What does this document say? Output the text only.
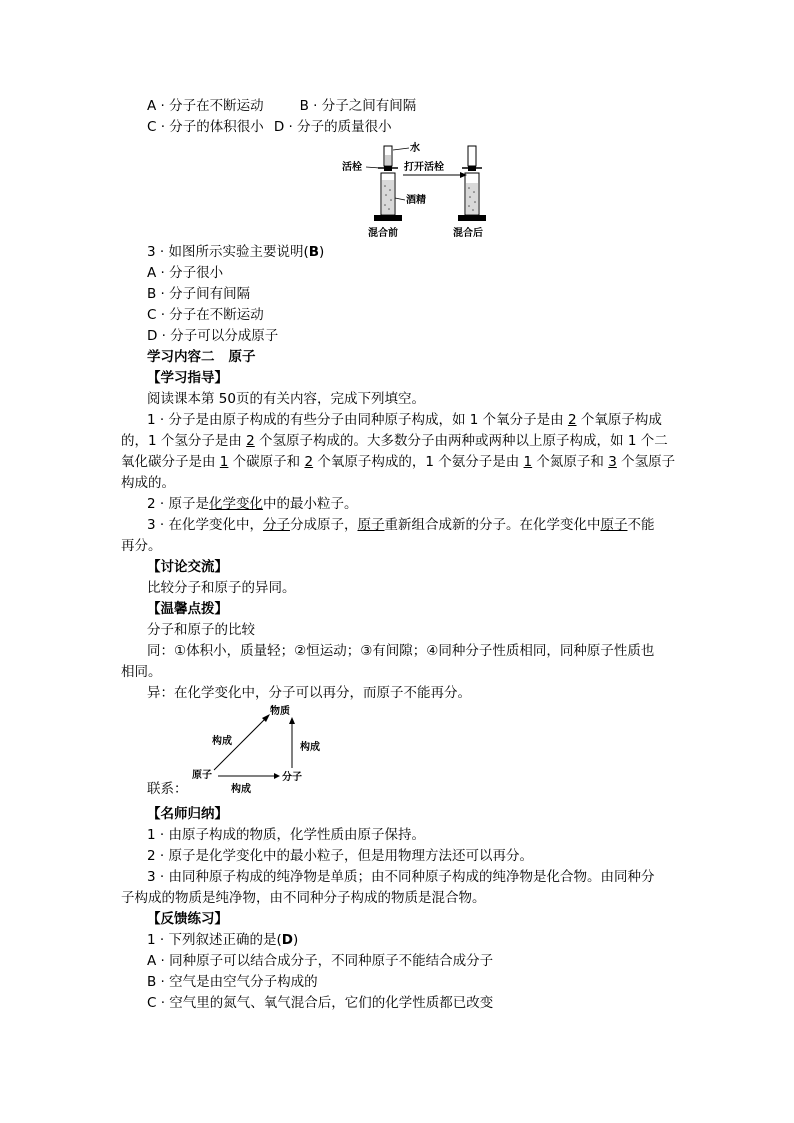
A · 分子在不断运动	B · 分子之间有间隔
C · 分子的体积很小 D · 分子的质量很小
活栓
水
酒精
打开活栓
混合前	混合后
3 · 如图所示实验主要说明(B)
A · 分子很小
B · 分子间有间隔
C · 分子在不断运动
D · 分子可以分成原子
学习内容二 原子
【学习指导】
阅读课本第 50页的有关内容，完成下列填空。
1 · 分子是由原子构成的有些分子由同种原子构成，如 1 个氧分子是由 2 个氧原子构成
的，1 个氢分子是由 2 个氢原子构成的。大多数分子由两种或两种以上原子构成，如 1 个二
氧化碳分子是由 1 个碳原子和 2 个氧原子构成的，1 个氨分子是由 1 个氮原子和 3 个氢原子
构成的。
2 · 原子是化学变化中的最小粒子。
3 · 在化学变化中，分子分成原子，原子重新组合成新的分子。在化学变化中原子不能
再分。
【讨论交流】
比较分子和原子的异同。
【温馨点拨】
分子和原子的比较
同：①体积小，质量轻；②恒运动；③有间隙；④同种分子性质相同，同种原子性质也
相同。
异：在化学变化中，分子可以再分，而原子不能再分。
物质
构成
构成
原子	分子
构成
联系：
【名师归纳】
1 · 由原子构成的物质，化学性质由原子保持。
2 · 原子是化学变化中的最小粒子，但是用物理方法还可以再分。
3 · 由同种原子构成的纯净物是单质；由不同种原子构成的纯净物是化合物。由同种分
子构成的物质是纯净物，由不同种分子构成的物质是混合物。
【反馈练习】
1 · 下列叙述正确的是(D)
A · 同种原子可以结合成分子，不同种原子不能结合成分子
B · 空气是由空气分子构成的
C · 空气里的氮气、氧气混合后，它们的化学性质都已改变
